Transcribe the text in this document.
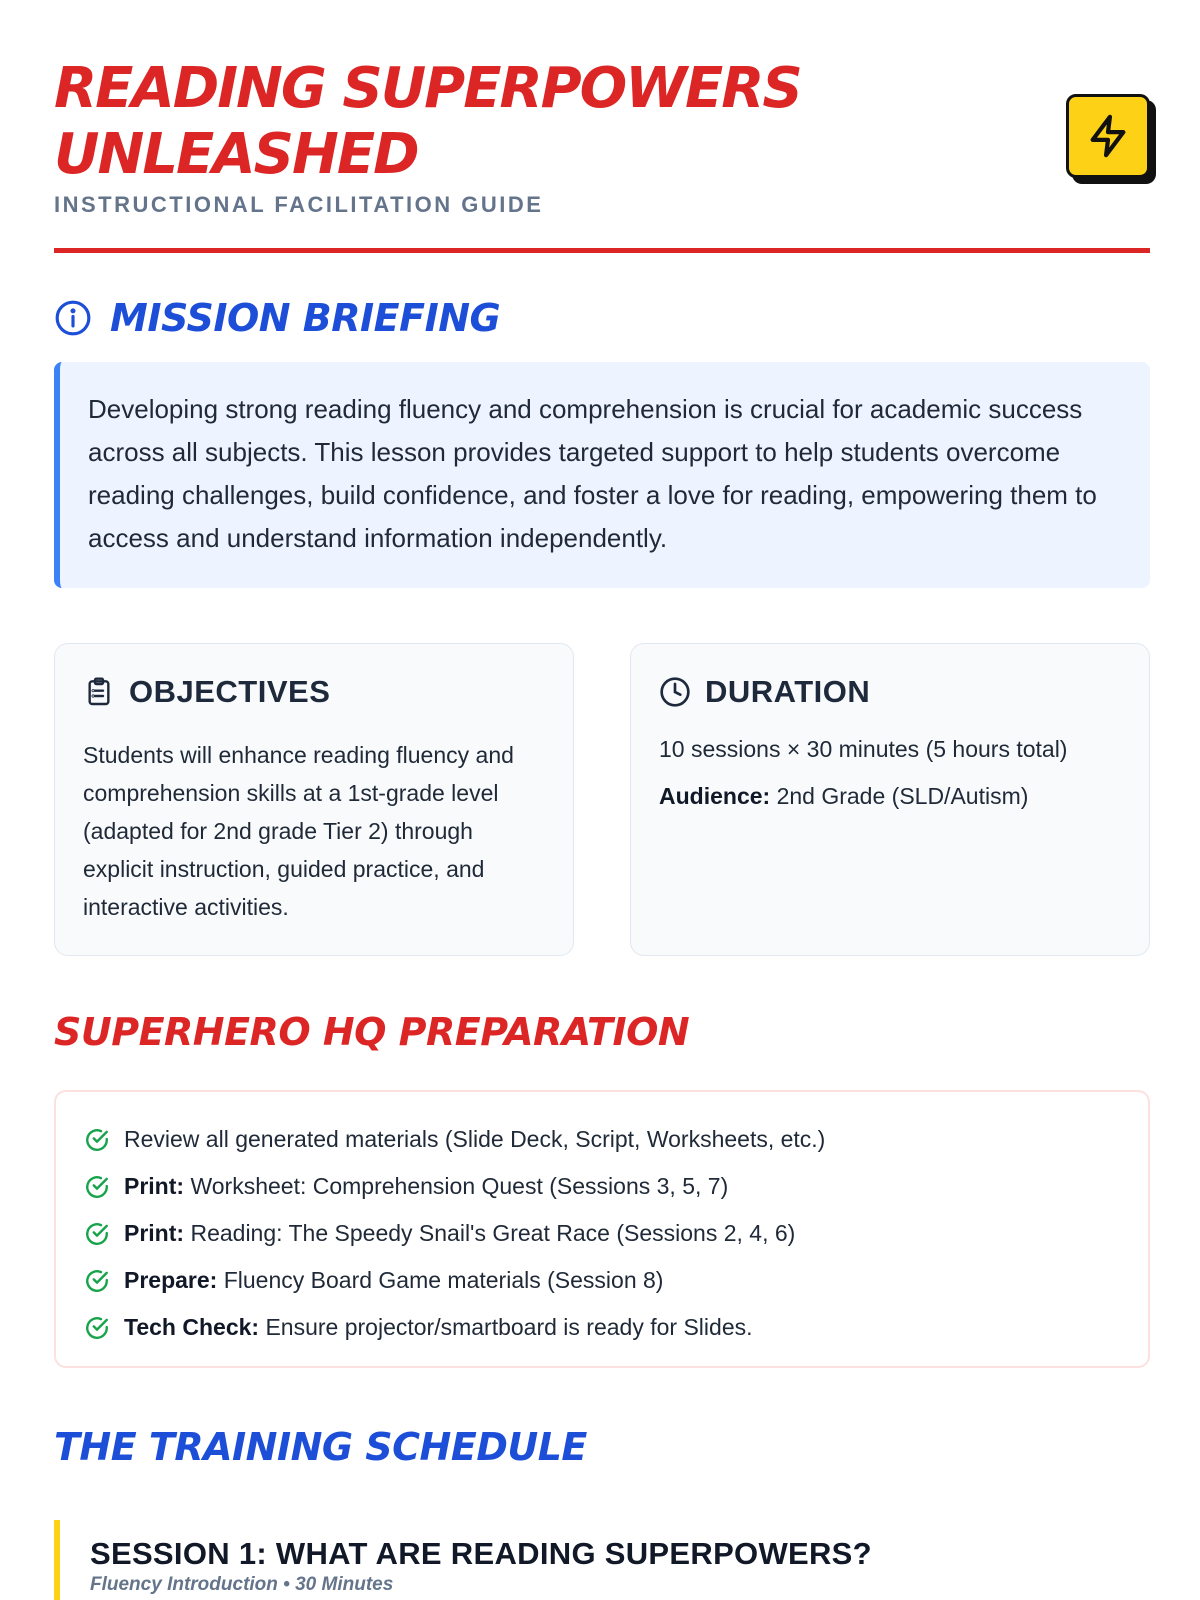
READING SUPERPOWERS UNLEASHED
INSTRUCTIONAL FACILITATION GUIDE
MISSION BRIEFING
Developing strong reading fluency and comprehension is crucial for academic success across all subjects. This lesson provides targeted support to help students overcome reading challenges, build confidence, and foster a love for reading, empowering them to access and understand information independently.
OBJECTIVES
Students will enhance reading fluency and comprehension skills at a 1st-grade level (adapted for 2nd grade Tier 2) through explicit instruction, guided practice, and interactive activities.
DURATION
10 sessions × 30 minutes (5 hours total)
Audience: 2nd Grade (SLD/Autism)
SUPERHERO HQ PREPARATION
Review all generated materials (Slide Deck, Script, Worksheets, etc.)
Print: Worksheet: Comprehension Quest (Sessions 3, 5, 7)
Print: Reading: The Speedy Snail's Great Race (Sessions 2, 4, 6)
Prepare: Fluency Board Game materials (Session 8)
Tech Check: Ensure projector/smartboard is ready for Slides.
THE TRAINING SCHEDULE
SESSION 1: WHAT ARE READING SUPERPOWERS?
Fluency Introduction • 30 Minutes
